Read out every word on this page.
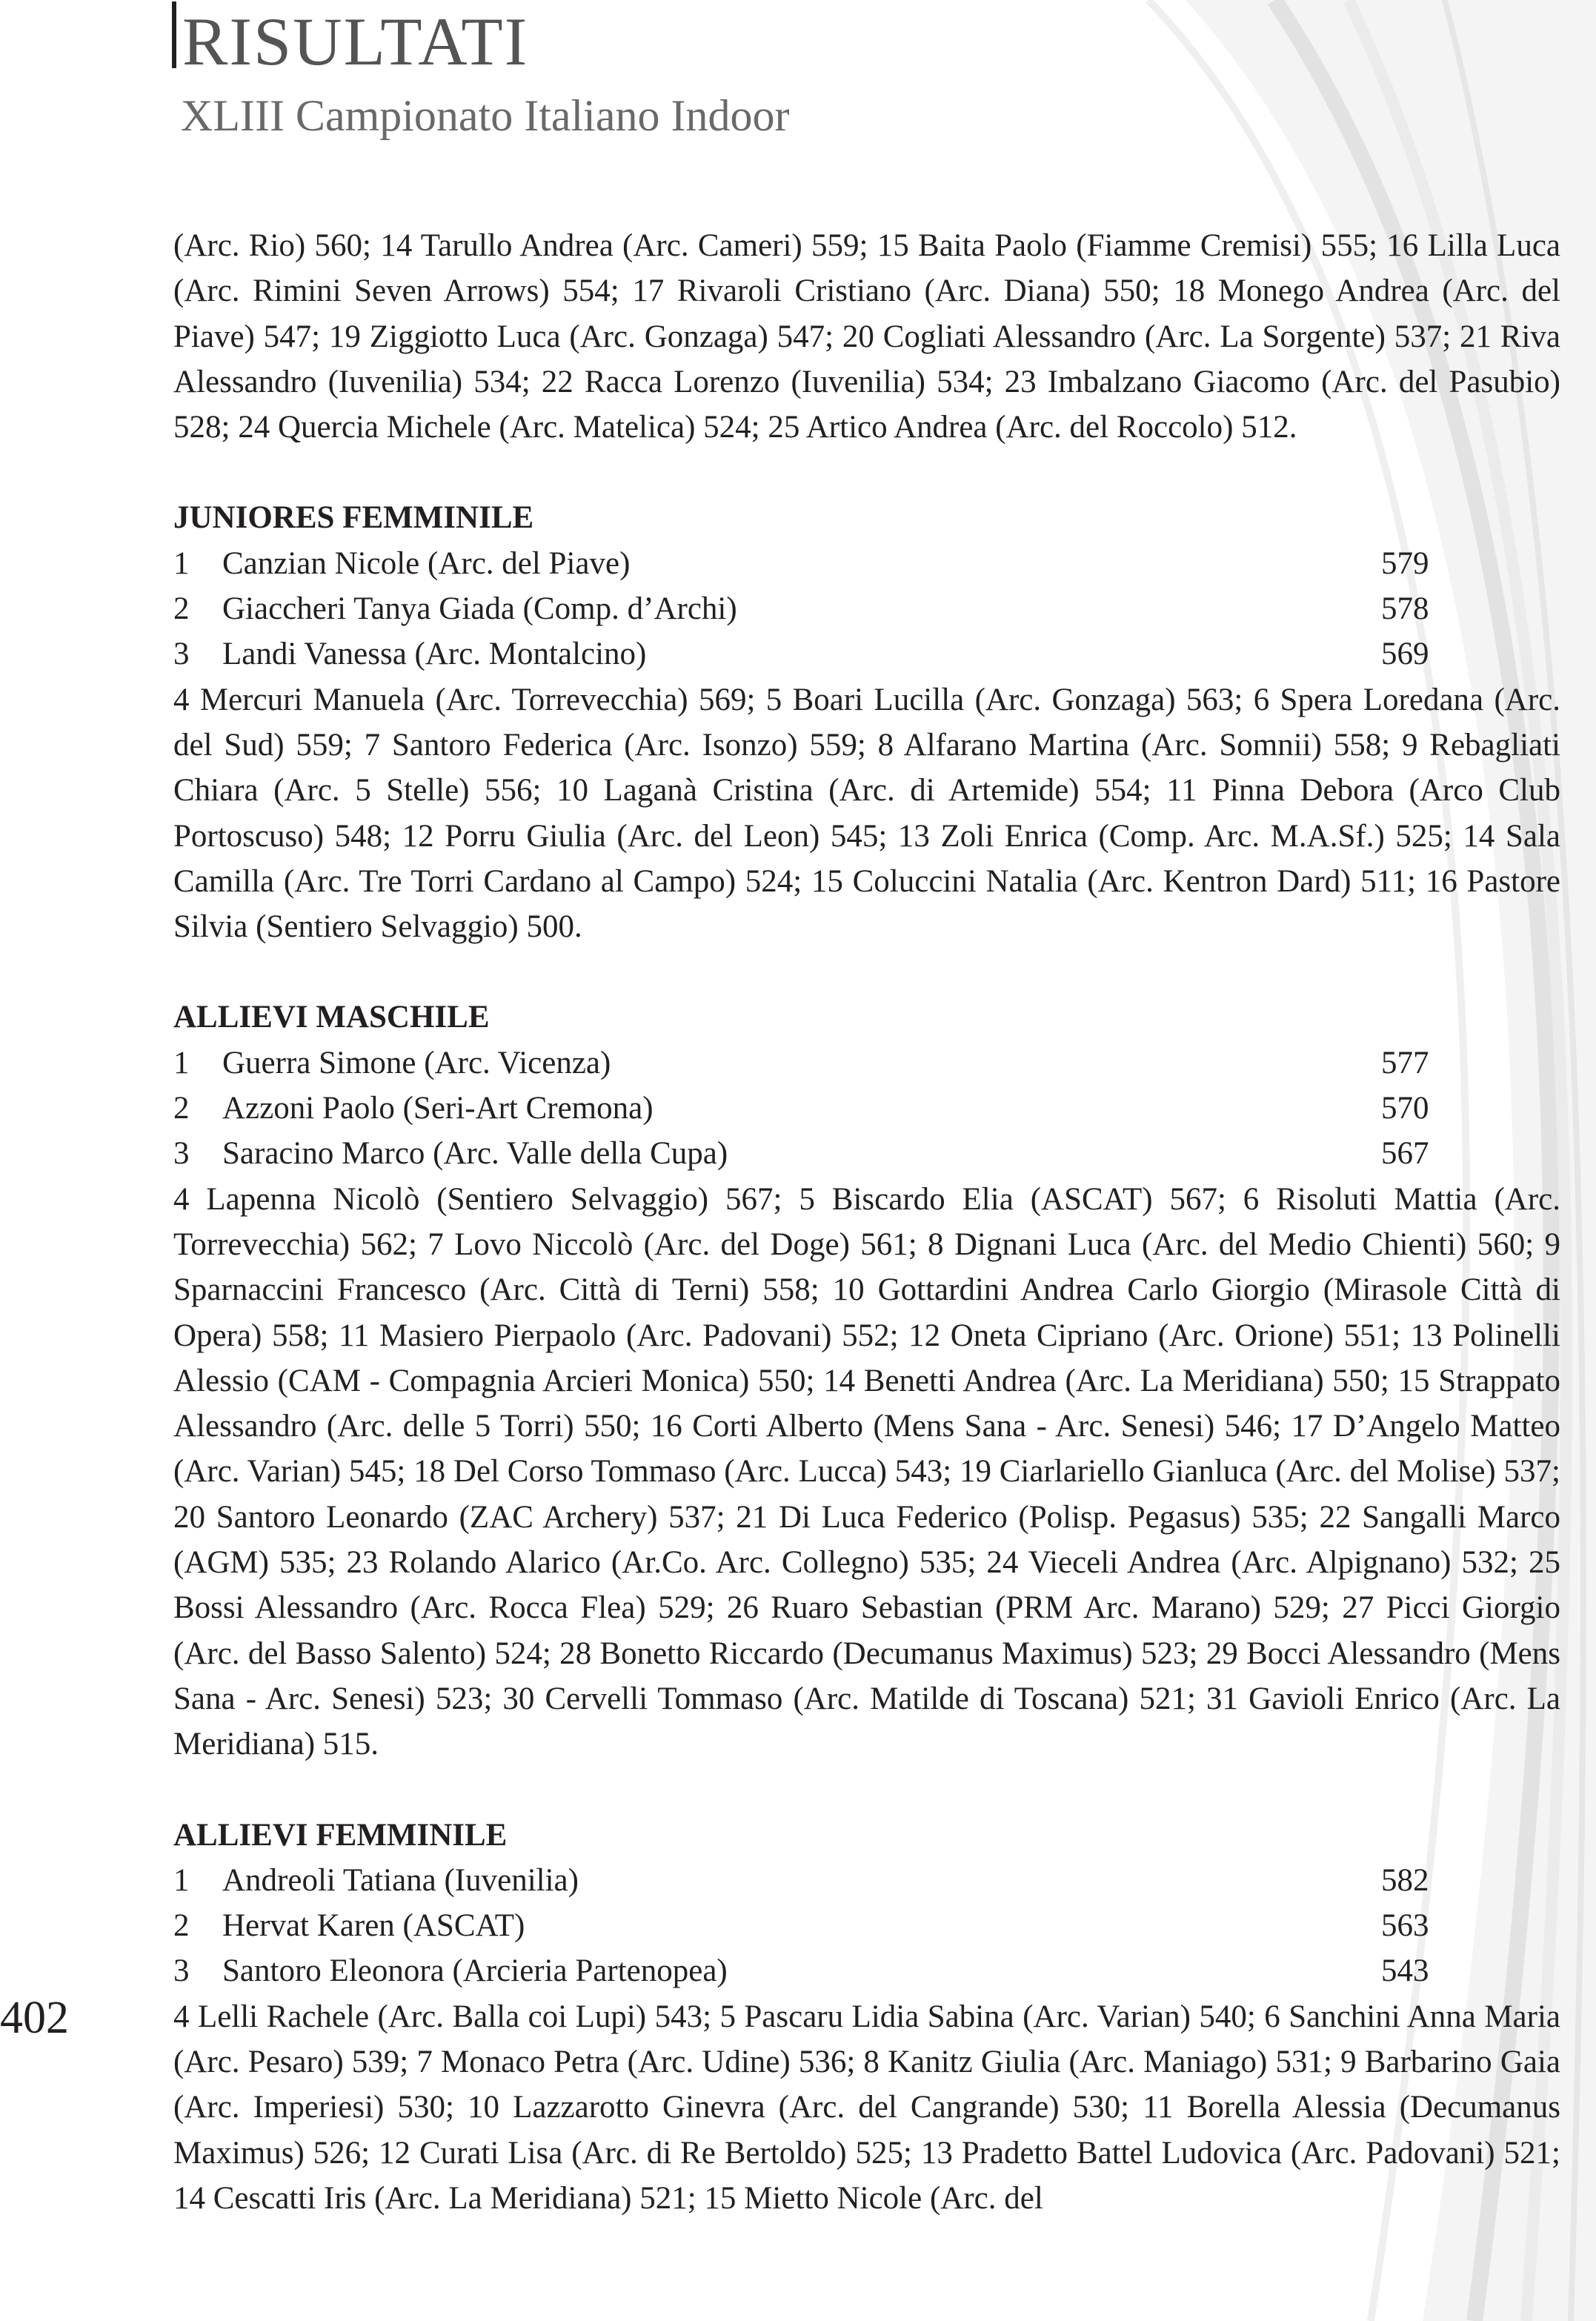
RISULTATI
XLIII Campionato Italiano Indoor

(Arc. Rio) 560; 14 Tarullo Andrea (Arc. Cameri) 559; 15 Baita Paolo (Fiamme Cremisi) 555; 16 Lilla Luca (Arc. Rimini Seven Arrows) 554; 17 Rivaroli Cristiano (Arc. Diana) 550; 18 Monego Andrea (Arc. del Piave) 547; 19 Ziggiotto Luca (Arc. Gonzaga) 547; 20 Cogliati Alessandro (Arc. La Sorgente) 537; 21 Riva Alessandro (Iuvenilia) 534; 22 Racca Lorenzo (Iuvenilia) 534; 23 Imbalzano Giacomo (Arc. del Pasubio) 528; 24 Quercia Michele (Arc. Matelica) 524; 25 Artico Andrea (Arc. del Roccolo) 512.

JUNIORES FEMMINILE

1	Canzian Nicole (Arc. del Piave)	579
2	Giaccheri Tanya Giada (Comp. d’Archi)	578
3	Landi Vanessa (Arc. Montalcino)	569

4 Mercuri Manuela (Arc. Torrevecchia) 569; 5 Boari Lucilla (Arc. Gonzaga) 563; 6 Spera Loredana (Arc. del Sud) 559; 7 Santoro Federica (Arc. Isonzo) 559; 8 Alfarano Martina (Arc. Somnii) 558; 9 Rebagliati Chiara (Arc. 5 Stelle) 556; 10 Laganà Cristina (Arc. di Artemide) 554; 11 Pinna Debora (Arco Club Portoscuso) 548; 12 Porru Giulia (Arc. del Leon) 545; 13 Zoli Enrica (Comp. Arc. M.A.Sf.) 525; 14 Sala Camilla (Arc. Tre Torri Cardano al Campo) 524; 15 Coluccini Natalia (Arc. Kentron Dard) 511; 16 Pastore Silvia (Sentiero Selvaggio) 500.

ALLIEVI MASCHILE

1	Guerra Simone (Arc. Vicenza)	577
2	Azzoni Paolo (Seri-Art Cremona)	570
3	Saracino Marco (Arc. Valle della Cupa)	567

4 Lapenna Nicolò (Sentiero Selvaggio) 567; 5 Biscardo Elia (ASCAT) 567; 6 Risoluti Mattia (Arc. Torrevecchia) 562; 7 Lovo Niccolò (Arc. del Doge) 561; 8 Dignani Luca (Arc. del Medio Chienti) 560; 9 Sparnaccini Francesco (Arc. Città di Terni) 558; 10 Gottardini Andrea Carlo Giorgio (Mirasole Città di Opera) 558; 11 Masiero Pierpaolo (Arc. Padovani) 552; 12 Oneta Cipriano (Arc. Orione) 551; 13 Polinelli Alessio (CAM - Compagnia Arcieri Monica) 550; 14 Benetti Andrea (Arc. La Meridiana) 550; 15 Strappato Alessandro (Arc. delle 5 Torri) 550; 16 Corti Alberto (Mens Sana - Arc. Senesi) 546; 17 D’Angelo Matteo (Arc. Varian) 545; 18 Del Corso Tommaso (Arc. Lucca) 543; 19 Ciarlariello Gianluca (Arc. del Molise) 537; 20 Santoro Leonardo (ZAC Archery) 537; 21 Di Luca Federico (Polisp. Pegasus) 535; 22 Sangalli Marco (AGM) 535; 23 Rolando Alarico (Ar.Co. Arc. Collegno) 535; 24 Vieceli Andrea (Arc. Alpignano) 532; 25 Bossi Alessandro (Arc. Rocca Flea) 529; 26 Ruaro Sebastian (PRM Arc. Marano) 529; 27 Picci Giorgio (Arc. del Basso Salento) 524; 28 Bonetto Riccardo (Decumanus Maximus) 523; 29 Bocci Alessandro (Mens Sana - Arc. Senesi) 523; 30 Cervelli Tommaso (Arc. Matilde di Toscana) 521; 31 Gavioli Enrico (Arc. La Meridiana) 515.

ALLIEVI FEMMINILE

1	Andreoli Tatiana (Iuvenilia)	582
2	Hervat Karen (ASCAT)	563
3	Santoro Eleonora (Arcieria Partenopea)	543

4 Lelli Rachele (Arc. Balla coi Lupi) 543; 5 Pascaru Lidia Sabina (Arc. Varian) 540; 6 Sanchini Anna Maria (Arc. Pesaro) 539; 7 Monaco Petra (Arc. Udine) 536; 8 Kanitz Giulia (Arc. Maniago) 531; 9 Barbarino Gaia (Arc. Imperiesi) 530; 10 Lazzarotto Ginevra (Arc. del Cangrande) 530; 11 Borella Alessia (Decumanus Maximus) 526; 12 Curati Lisa (Arc. di Re Bertoldo) 525; 13 Pradetto Battel Ludovica (Arc. Padovani) 521; 14 Cescatti Iris (Arc. La Meridiana) 521; 15 Mietto Nicole (Arc. del

402
